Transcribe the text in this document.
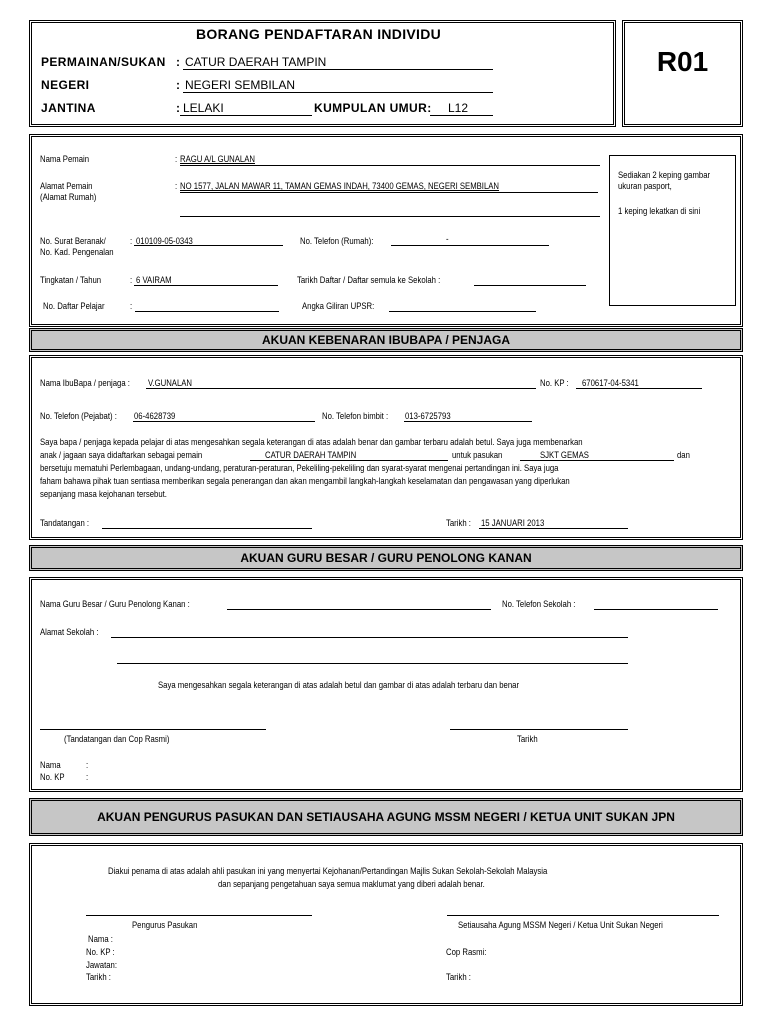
BORANG PENDAFTARAN INDIVIDU
R01
PERMAINAN/SUKAN : CATUR DAERAH TAMPIN
NEGERI	: NEGERI SEMBILAN
JANTINA	: LELAKI	KUMPULAN UMUR: L12
Sediakan 2 keping gambar
ukuran pasport,
1 keping lekatkan di sini
Nama Pemain	: RAGU A/L GUNALAN
Alamat Pemain
(Alamat Rumah)
: NO 1577, JALAN MAWAR 11, TAMAN GEMAS INDAH, 73400 GEMAS, NEGERI SEMBILAN
No. Surat Beranak/
No. Kad. Pengenalan
: 010109-05-0343	No. Telefon (Rumah):	-
Tingkatan / Tahun	: 6 VAIRAM	Tarikh Daftar / Daftar semula ke Sekolah :
No. Daftar Pelajar	:	Angka Giliran UPSR:
AKUAN KEBENARAN IBUBAPA / PENJAGA
Nama IbuBapa / penjaga : V.GUNALAN	No. KP : 670617-04-5341
No. Telefon (Pejabat) : 06-4628739	No. Telefon bimbit : 013-6725793
Saya bapa / penjaga kepada pelajar di atas mengesahkan segala keterangan di atas adalah benar dan gambar terbaru adalah betul. Saya juga membenarkan
anak / jagaan saya didaftarkan sebagai pemain	CATUR DAERAH TAMPIN	untuk pasukan	SJKT GEMAS	dan
bersetuju mematuhi Perlembagaan, undang-undang, peraturan-peraturan, Pekeliling-pekeliling dan syarat-syarat mengenai pertandingan ini. Saya juga
faham bahawa pihak tuan sentiasa memberikan segala penerangan dan akan mengambil langkah-langkah keselamatan dan pengawasan yang diperlukan
sepanjang masa kejohanan tersebut.
Tandatangan :	Tarikh : 15 JANUARI 2013
AKUAN GURU BESAR / GURU PENOLONG KANAN
Nama Guru Besar / Guru Penolong Kanan :	No. Telefon Sekolah :
Alamat Sekolah :
Saya mengesahkan segala keterangan di atas adalah betul dan gambar di atas adalah terbaru dan benar
(Tandatangan dan Cop Rasmi)	Tarikh
Nama	:
No. KP :
AKUAN PENGURUS PASUKAN DAN SETIAUSAHA AGUNG MSSM NEGERI / KETUA UNIT SUKAN JPN
Diakui penama di atas adalah ahli pasukan ini yang menyertai Kejohanan/Pertandingan Majlis Sukan Sekolah-Sekolah Malaysia
dan sepanjang pengetahuan saya semua maklumat yang diberi adalah benar.
Pengurus Pasukan	Setiausaha Agung MSSM Negeri / Ketua Unit Sukan Negeri
Nama :
No. KP :
Jawatan:
Tarikh :
Cop Rasmi:
Tarikh :
